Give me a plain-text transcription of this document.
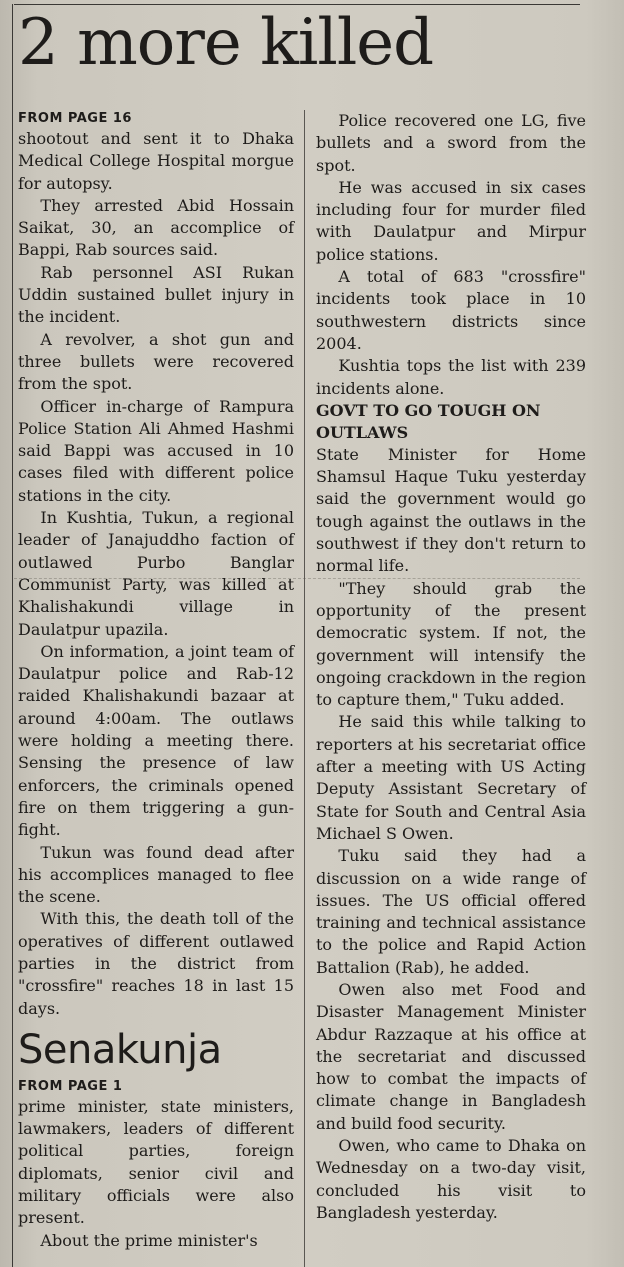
2 more killed
FROM PAGE 16

shootout and sent it to Dhaka Medical College Hospital morgue for autopsy.

They arrested Abid Hossain Saikat, 30, an accomplice of Bappi, Rab sources said.

Rab personnel ASI Rukan Uddin sustained bullet injury in the incident.

A revolver, a shot gun and three bullets were recovered from the spot.

Officer in-charge of Rampura Police Station Ali Ahmed Hashmi said Bappi was accused in 10 cases filed with different police stations in the city.

In Kushtia, Tukun, a regional leader of Janajuddho faction of outlawed Purbo Banglar Communist Party, was killed at Khalishakundi village in Daulatpur upazila.

On information, a joint team of Daulatpur police and Rab-12 raided Khalishakundi bazaar at around 4:00am. The outlaws were holding a meeting there. Sensing the presence of law enforcers, the criminals opened fire on them triggering a gun-fight.

Tukun was found dead after his accomplices managed to flee the scene.

With this, the death toll of the operatives of different outlawed parties in the district from "crossfire" reaches 18 in last 15 days.

Senakunja
FROM PAGE 1

prime minister, state ministers, lawmakers, leaders of different political parties, foreign diplomats, senior civil and military officials were also present.

About the prime minister's

Police recovered one LG, five bullets and a sword from the spot.

He was accused in six cases including four for murder filed with Daulatpur and Mirpur police stations.

A total of 683 "crossfire" incidents took place in 10 southwestern districts since 2004.

Kushtia tops the list with 239 incidents alone.

GOVT TO GO TOUGH ON OUTLAWS

State Minister for Home Shamsul Haque Tuku yesterday said the government would go tough against the outlaws in the southwest if they don't return to normal life.

"They should grab the opportunity of the present democratic system. If not, the government will intensify the ongoing crackdown in the region to capture them," Tuku added.

He said this while talking to reporters at his secretariat office after a meeting with US Acting Deputy Assistant Secretary of State for South and Central Asia Michael S Owen.

Tuku said they had a discussion on a wide range of issues. The US official offered training and technical assistance to the police and Rapid Action Battalion (Rab), he added.

Owen also met Food and Disaster Management Minister Abdur Razzaque at his office at the secretariat and discussed how to combat the impacts of climate change in Bangladesh and build food security.

Owen, who came to Dhaka on Wednesday on a two-day visit, concluded his visit to Bangladesh yesterday.
